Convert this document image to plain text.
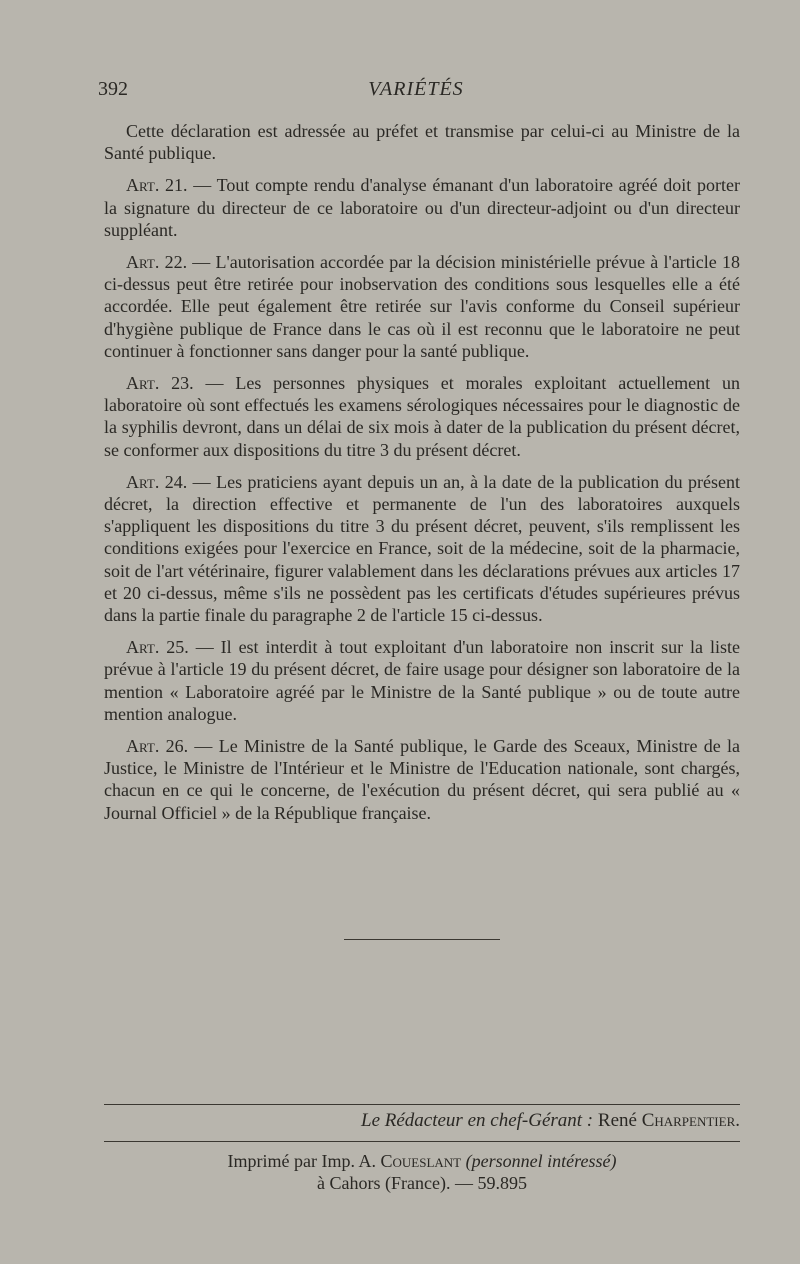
392	VARIÉTÉS

Cette déclaration est adressée au préfet et transmise par celui-ci au Ministre de la Santé publique.

Art. 21. — Tout compte rendu d'analyse émanant d'un laboratoire agréé doit porter la signature du directeur de ce laboratoire ou d'un directeur-adjoint ou d'un directeur suppléant.

Art. 22. — L'autorisation accordée par la décision ministérielle prévue à l'article 18 ci-dessus peut être retirée pour inobservation des conditions sous lesquelles elle a été accordée. Elle peut également être retirée sur l'avis conforme du Conseil supérieur d'hygiène publique de France dans le cas où il est reconnu que le laboratoire ne peut continuer à fonctionner sans danger pour la santé publique.

Art. 23. — Les personnes physiques et morales exploitant actuellement un laboratoire où sont effectués les examens sérologiques nécessaires pour le diagnostic de la syphilis devront, dans un délai de six mois à dater de la publication du présent décret, se conformer aux dispositions du titre 3 du présent décret.

Art. 24. — Les praticiens ayant depuis un an, à la date de la publication du présent décret, la direction effective et permanente de l'un des laboratoires auxquels s'appliquent les dispositions du titre 3 du présent décret, peuvent, s'ils remplissent les conditions exigées pour l'exercice en France, soit de la médecine, soit de la pharmacie, soit de l'art vétérinaire, figurer valablement dans les déclarations prévues aux articles 17 et 20 ci-dessus, même s'ils ne possèdent pas les certificats d'études supérieures prévus dans la partie finale du paragraphe 2 de l'article 15 ci-dessus.

Art. 25. — Il est interdit à tout exploitant d'un laboratoire non inscrit sur la liste prévue à l'article 19 du présent décret, de faire usage pour désigner son laboratoire de la mention « Laboratoire agréé par le Ministre de la Santé publique » ou de toute autre mention analogue.

Art. 26. — Le Ministre de la Santé publique, le Garde des Sceaux, Ministre de la Justice, le Ministre de l'Intérieur et le Ministre de l'Education nationale, sont chargés, chacun en ce qui le concerne, de l'exécution du présent décret, qui sera publié au « Journal Officiel » de la République française.

Le Rédacteur en chef-Gérant : René Charpentier.
Imprimé par Imp. A. Coueslant (personnel intéressé)
à Cahors (France). — 59.895
